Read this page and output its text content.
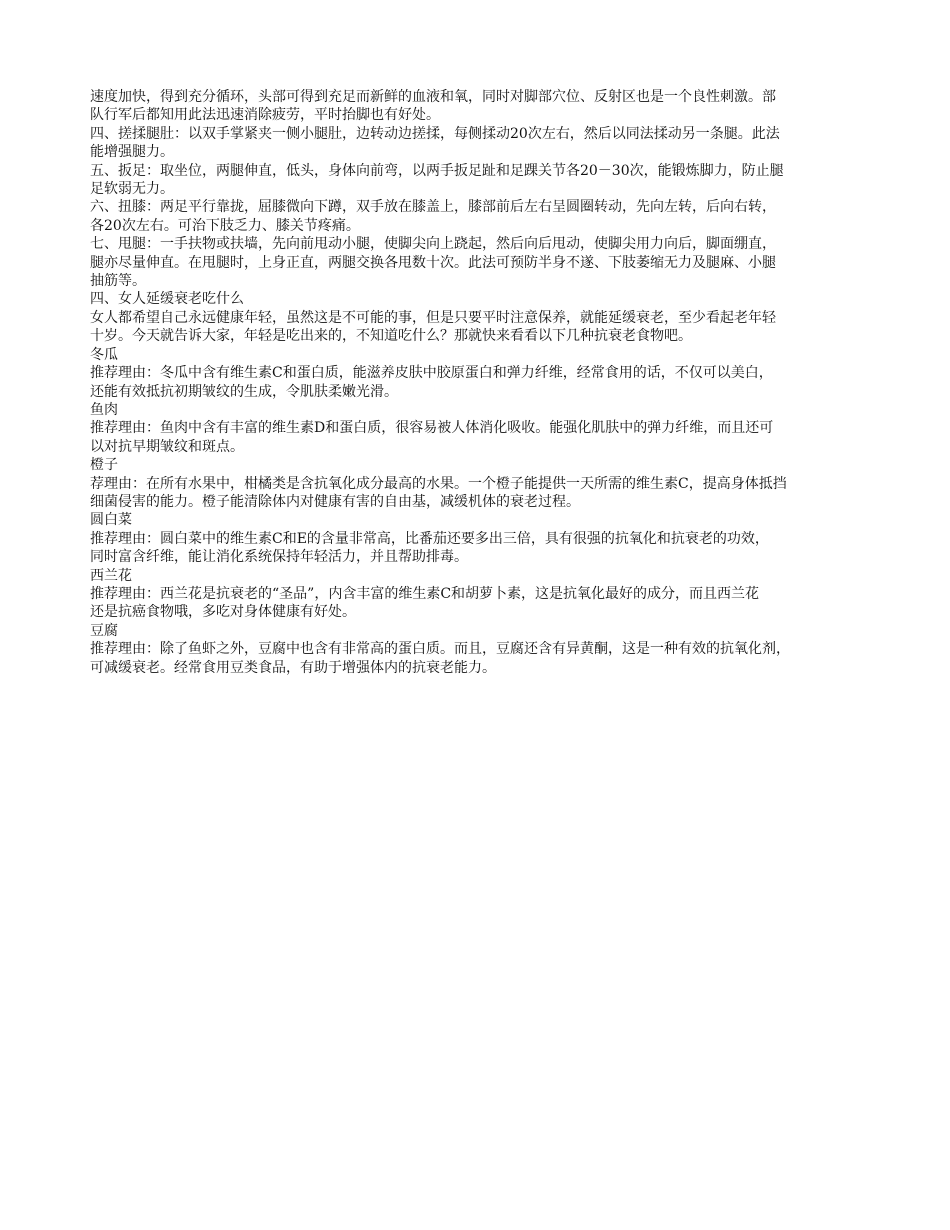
速度加快，得到充分循环，头部可得到充足而新鲜的血液和氧，同时对脚部穴位、反射区也是一个良性刺激。部
队行军后都知用此法迅速消除疲劳，平时抬脚也有好处。
四、搓揉腿肚：以双手掌紧夹一侧小腿肚，边转动边搓揉，每侧揉动20次左右，然后以同法揉动另一条腿。此法
能增强腿力。
五、扳足：取坐位，两腿伸直，低头，身体向前弯，以两手扳足趾和足踝关节各20－30次，能锻炼脚力，防止腿
足软弱无力。
六、扭膝：两足平行靠拢，屈膝微向下蹲，双手放在膝盖上，膝部前后左右呈圆圈转动，先向左转，后向右转，
各20次左右。可治下肢乏力、膝关节疼痛。
七、甩腿：一手扶物或扶墙，先向前甩动小腿，使脚尖向上跷起，然后向后甩动，使脚尖用力向后，脚面绷直，
腿亦尽量伸直。在甩腿时，上身正直，两腿交换各甩数十次。此法可预防半身不遂、下肢萎缩无力及腿麻、小腿
抽筋等。
四、女人延缓衰老吃什么
女人都希望自己永远健康年轻，虽然这是不可能的事，但是只要平时注意保养，就能延缓衰老，至少看起老年轻
十岁。今天就告诉大家，年轻是吃出来的，不知道吃什么？那就快来看看以下几种抗衰老食物吧。
冬瓜
推荐理由：冬瓜中含有维生素C和蛋白质，能滋养皮肤中胶原蛋白和弹力纤维，经常食用的话，不仅可以美白，
还能有效抵抗初期皱纹的生成，令肌肤柔嫩光滑。
鱼肉
推荐理由：鱼肉中含有丰富的维生素D和蛋白质，很容易被人体消化吸收。能强化肌肤中的弹力纤维，而且还可
以对抗早期皱纹和斑点。
橙子
荐理由：在所有水果中，柑橘类是含抗氧化成分最高的水果。一个橙子能提供一天所需的维生素C，提高身体抵挡
细菌侵害的能力。橙子能清除体内对健康有害的自由基，减缓机体的衰老过程。
圆白菜
推荐理由：圆白菜中的维生素C和E的含量非常高，比番茄还要多出三倍，具有很强的抗氧化和抗衰老的功效，
同时富含纤维，能让消化系统保持年轻活力，并且帮助排毒。
西兰花
推荐理由：西兰花是抗衰老的“圣品”，内含丰富的维生素C和胡萝卜素，这是抗氧化最好的成分，而且西兰花
还是抗癌食物哦，多吃对身体健康有好处。
豆腐
推荐理由：除了鱼虾之外，豆腐中也含有非常高的蛋白质。而且，豆腐还含有异黄酮，这是一种有效的抗氧化剂，
可减缓衰老。经常食用豆类食品，有助于增强体内的抗衰老能力。
